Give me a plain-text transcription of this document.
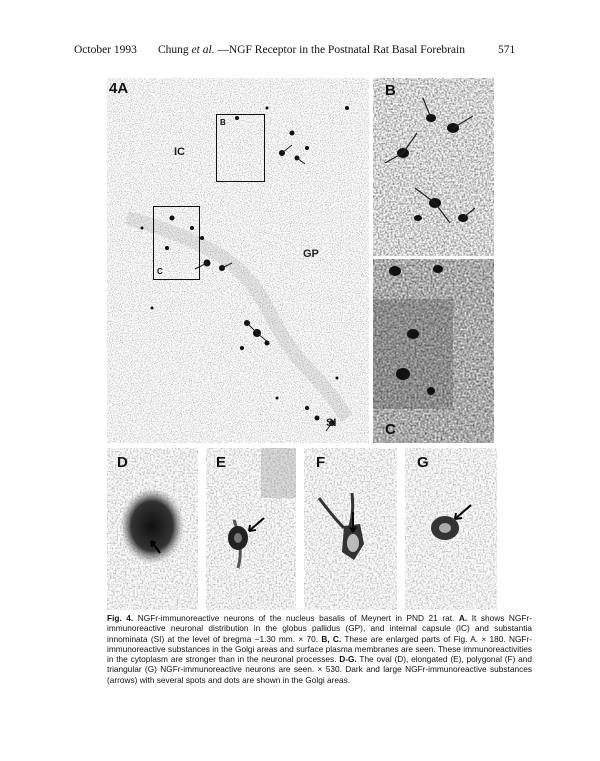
October 1993 Chung et al. —NGF Receptor in the Postnatal Rat Basal Forebrain	571
4A
IC
GP
SI
B
C
B
C
D	E	F	G
Fig. 4. NGFr-immunoreactive neurons of the nucleus basalis of Meynert in PND 21 rat. A. It shows NGFr-immunoreactive neuronal distribution in the globus pallidus (GP), and internal capsule (IC) and substantia innominata (SI) at the level of bregma −1.30 mm. × 70. B, C. These are enlarged parts of Fig. A. × 180. NGFr-immunoreactive substances in the Golgi areas and surface plasma membranes are seen. These immunoreactivities in the cytoplasm are stronger than in the neuronal processes. D-G. The oval (D), elongated (E), polygonal (F) and triangular (G) NGFr-immunoreactive neurons are seen. × 530. Dark and large NGFr-immunoreactive substances (arrows) with several spots and dots are shown in the Golgi areas.
